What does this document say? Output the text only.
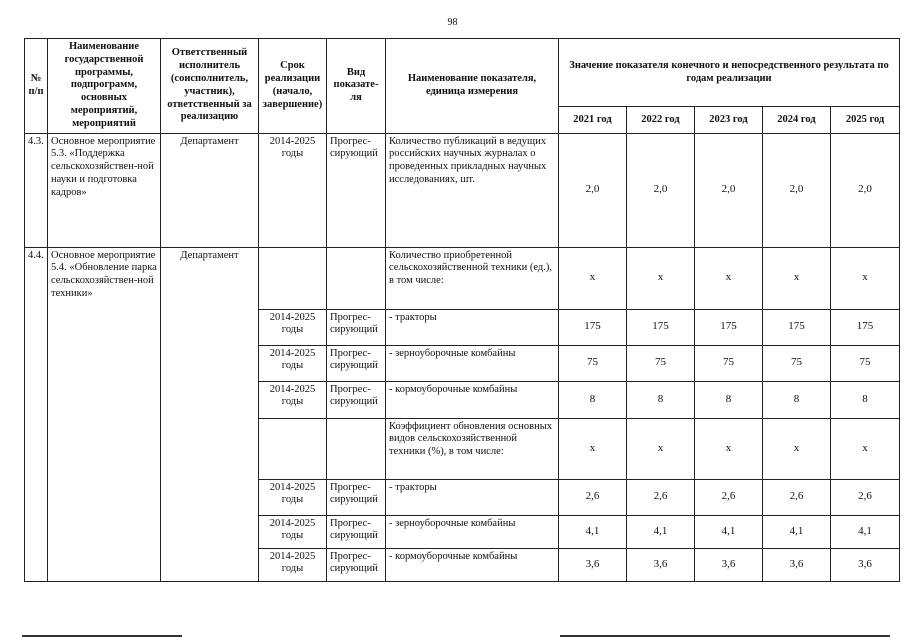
98
№ п/п	Наименование государственной программы, подпрограмм, основных мероприятий, мероприятий	Ответственный исполнитель (соисполнитель, участник), ответственный за реализацию	Срок реализации (начало, завершение)	Вид показате-ля	Наименование показателя, единица измерения	Значение показателя конечного и непосредственного результата по годам реализации				
						2021 год	2022 год	2023 год	2024 год	2025 год
4.3.	Основное мероприятие 5.3. «Поддержка сельскохозяйствен-ной науки и подготовка кадров»	Департамент	2014-2025 годы	Прогрес-сирующий	Количество публикаций в ведущих российских научных журналах о проведенных прикладных научных исследованиях, шт.	2,0	2,0	2,0	2,0	2,0
4.4.	Основное мероприятие 5.4. «Обновление парка сельскохозяйствен-ной техники»	Департамент			Количество приобретенной сельскохозяйственной техники (ед.), в том числе:	х	х	х	х	х
			2014-2025 годы	Прогрес-сирующий	- тракторы	175	175	175	175	175
			2014-2025 годы	Прогрес-сирующий	- зерноуборочные комбайны	75	75	75	75	75
			2014-2025 годы	Прогрес-сирующий	- кормоуборочные комбайны	8	8	8	8	8
					Коэффициент обновления основных видов сельскохозяйственной техники (%), в том числе:	х	х	х	х	х
			2014-2025 годы	Прогрес-сирующий	- тракторы	2,6	2,6	2,6	2,6	2,6
			2014-2025 годы	Прогрес-сирующий	- зерноуборочные комбайны	4,1	4,1	4,1	4,1	4,1
			2014-2025 годы	Прогрес-сирующий	- кормоуборочные комбайны	3,6	3,6	3,6	3,6	3,6
